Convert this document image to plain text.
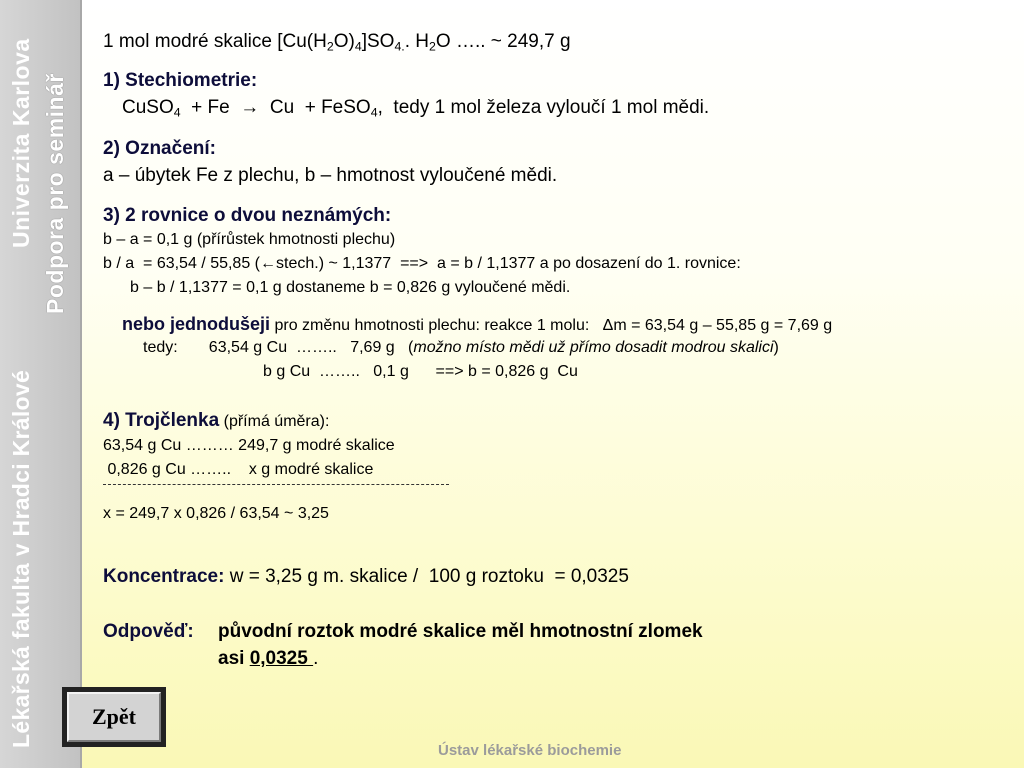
Univerzita Karlova Podpora pro seminář
Lékařská fakulta v Hradci Králové
1 mol modré skalice $[Cu(H_2O)_4]SO_{4.}$. $H_2O$ ….. ~ 249,7 g
1) Stechiometrie:
CuSO$_4$  + Fe  →  Cu  + FeSO$_4$,  tedy 1 mol železa vyloučí 1 mol mědi.
2) Označení:
a – úbytek Fe z plechu, b – hmotnost vyloučené mědi.
3) 2 rovnice o dvou neznámých:
b – a = 0,1 g (přírůstek hmotnosti plechu)
b / a  = 63,54 / 55,85 (←stech.) ~ 1,1377  ==>  a = b / 1,1377 a po dosazení do 1. rovnice:
b – b / 1,1377 = 0,1 g dostaneme b = 0,826 g vyloučené mědi.
nebo jednodušeji pro změnu hmotnosti plechu: reakce 1 molu:   Δm = 63,54 g – 55,85 g = 7,69 g
tedy:       63,54 g Cu  ……..   7,69 g   (možno místo mědi už přímo dosadit modrou skalici)
b g Cu  ……..   0,1 g      ==> b = 0,826 g  Cu
4) Trojčlenka (přímá úměra):
63,54 g Cu ……… 249,7 g modré skalice
0,826 g Cu ……..    x g modré skalice
x = 249,7 x 0,826 / 63,54 ~ 3,25
Koncentrace: w = 3,25 g m. skalice /  100 g roztoku  = 0,0325
Odpověď: původní roztok modré skalice měl hmotnostní zlomek
asi 0,0325 .
Zpět
Ústav lékařské biochemie
